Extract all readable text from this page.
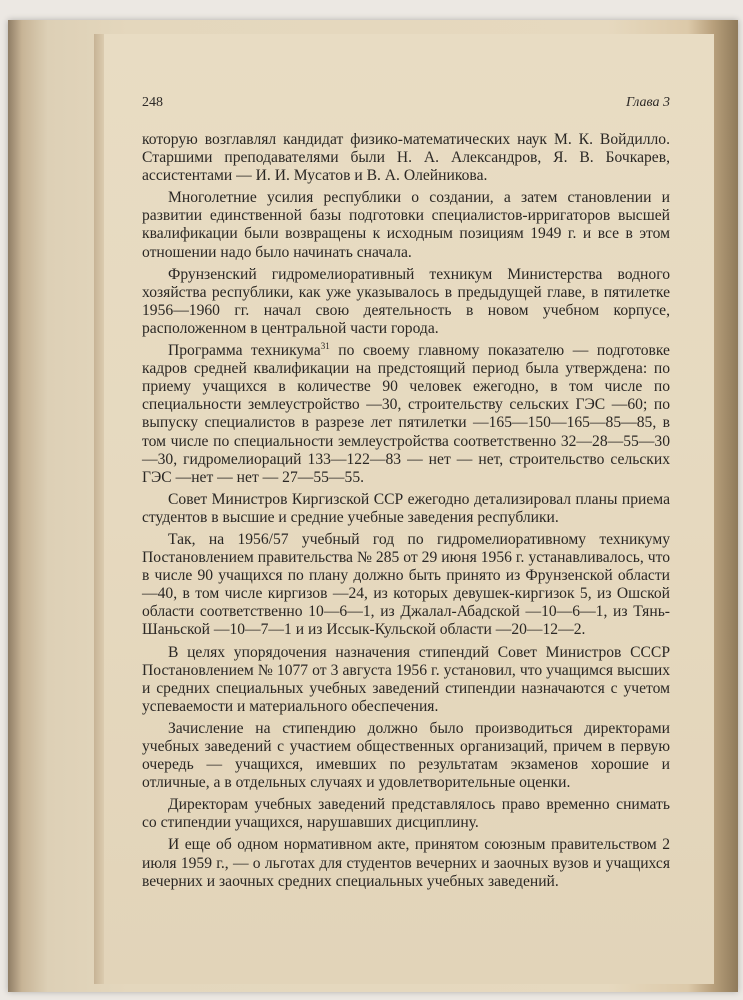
248	Глава 3

которую возглавлял кандидат физико-математических наук М. К. Войдилло. Старшими преподавателями были Н. А. Александров, Я. В. Бочкарев, ассистентами — И. И. Мусатов и В. А. Олейникова.

Многолетние усилия республики о создании, а затем становлении и развитии единственной базы подготовки специалистов-ирригаторов высшей квалификации были возвращены к исходным позициям 1949 г. и все в этом отношении надо было начинать сначала.

Фрунзенский гидромелиоративный техникум Министерства водного хозяйства республики, как уже указывалось в предыдущей главе, в пятилетке 1956—1960 гг. начал свою деятельность в новом учебном корпусе, расположенном в центральной части города.

Программа техникума$^{31}$ по своему главному показателю — подготовке кадров средней квалификации на предстоящий период была утверждена: по приему учащихся в количестве 90 человек ежегодно, в том числе по специальности землеустройство —30, строительству сельских ГЭС —60; по выпуску специалистов в разрезе лет пятилетки —165—150—165—85—85, в том числе по специальности землеустройства соответственно 32—28—55—30—30, гидромелиораций 133—122—83 — нет — нет, строительство сельских ГЭС —нет — нет — 27—55—55.

Совет Министров Киргизской ССР ежегодно детализировал планы приема студентов в высшие и средние учебные заведения республики.

Так, на 1956/57 учебный год по гидромелиоративному техникуму Постановлением правительства № 285 от 29 июня 1956 г. устанавливалось, что в числе 90 учащихся по плану должно быть принято из Фрунзенской области —40, в том числе киргизов —24, из которых девушек-киргизок 5, из Ошской области соответственно 10—6—1, из Джалал-Абадской —10—6—1, из Тянь-Шаньской —10—7—1 и из Иссык-Кульской области —20—12—2.

В целях упорядочения назначения стипендий Совет Министров СССР Постановлением № 1077 от 3 августа 1956 г. установил, что учащимся высших и средних специальных учебных заведений стипендии назначаются с учетом успеваемости и материального обеспечения.

Зачисление на стипендию должно было производиться директорами учебных заведений с участием общественных организаций, причем в первую очередь — учащихся, имевших по результатам экзаменов хорошие и отличные, а в отдельных случаях и удовлетворительные оценки.

Директорам учебных заведений представлялось право временно снимать со стипендии учащихся, нарушавших дисциплину.

И еще об одном нормативном акте, принятом союзным правительством 2 июля 1959 г., — о льготах для студентов вечерних и заочных вузов и учащихся вечерних и заочных средних специальных учебных заведений.
